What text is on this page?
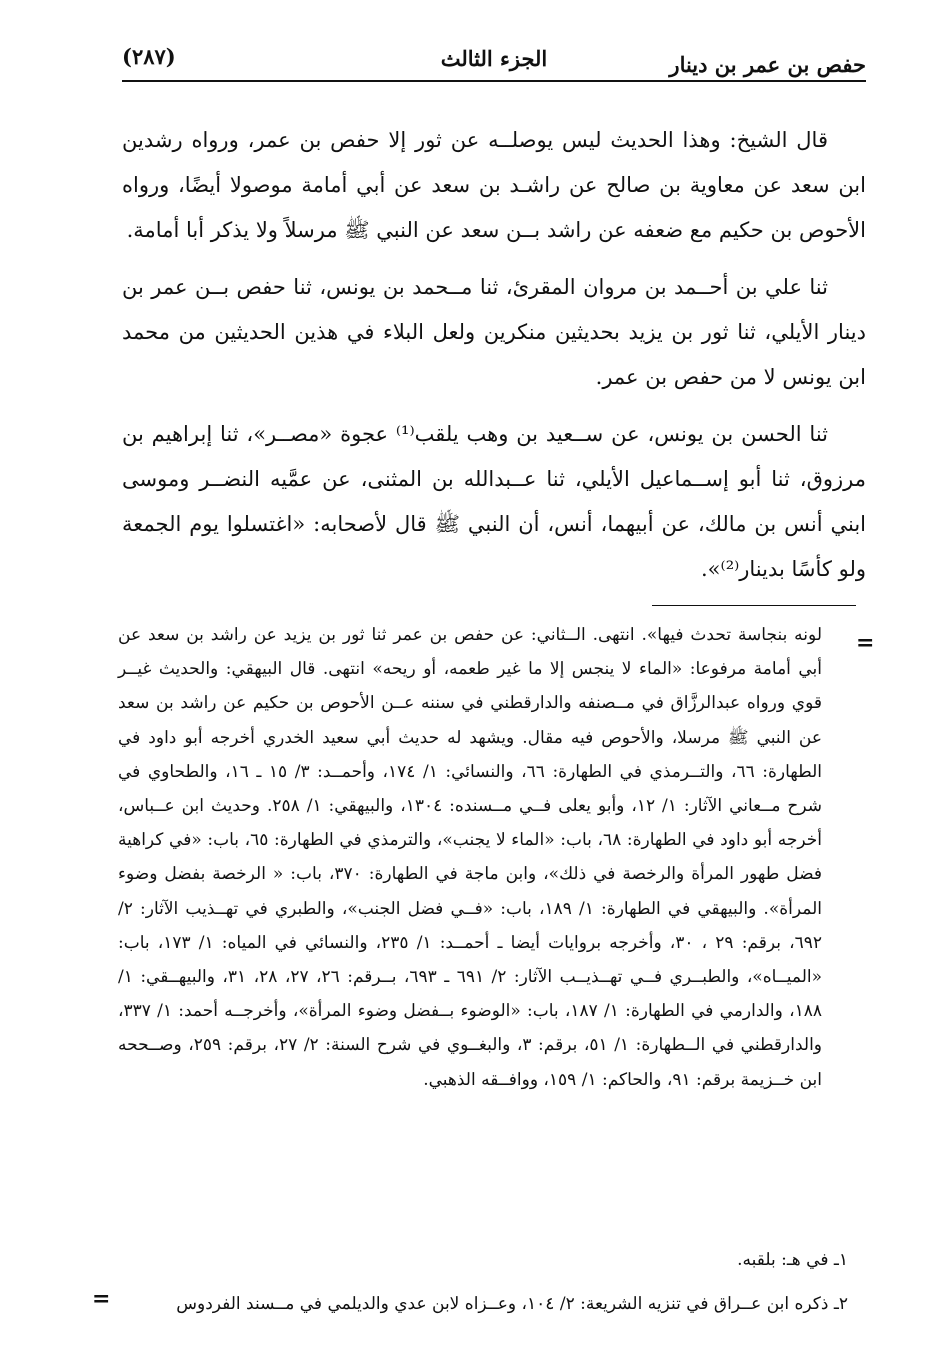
حفص بن عمر بن دينار
الجزء الثالث
(٢٨٧)

قال الشيخ: وهذا الحديث ليس يوصلــه عن ثور إلا حفص بن عمر، ورواه رشدين ابن سعد عن معاوية بن صالح عن راشـد بن سعد عن أبي أمامة موصولا أيضًا، ورواه الأحوص بن حكيم مع ضعفه عن راشد بــن سعد عن النبي ﷺ مرسلاً ولا يذكر أبا أمامة.

ثنا علي بن أحــمد بن مروان المقرئ، ثنا مــحمد بن يونس، ثنا حفص بــن عمر بن دينار الأيلي، ثنا ثور بن يزيد بحديثين منكرين ولعل البلاء في هذين الحديثين من محمد ابن يونس لا من حفص بن عمر.

ثنا الحسن بن يونس، عن ســعيد بن وهب يلقب⁽¹⁾ عجوة «مصــر»، ثنا إبراهيم بن مرزوق، ثنا أبو إســماعيل الأيلي، ثنا عــبدالله بن المثنى، عن عمَّيه النضــر وموسى ابني أنس بن مالك، عن أبيهما، أنس، أن النبي ﷺ قال لأصحابه: «اغتسلوا يوم الجمعة ولو كأسًا بدينار⁽²⁾».

=

لونه بنجاسة تحدث فيها». انتهى. الــثاني: عن حفص بن عمر ثنا ثور بن يزيد عن راشد بن سعد عن أبي أمامة مرفوعا: «الماء لا ينجس إلا ما غير طعمه، أو ريحه» انتهى. قال البيهقي: والحديث غيــر قوي ورواه عبدالرزَّاق في مــصنفه والدارقطني في سننه عــن الأحوص بن حكيم عن راشد بن سعد عن النبي ﷺ مرسلا، والأحوص فيه مقال. ويشهد له حديث أبي سعيد الخدري أخرجه أبو داود في الطهارة: ٦٦، والتــرمذي في الطهارة: ٦٦، والنسائي: ١/ ١٧٤، وأحمــد: ٣/ ١٥ ـ ١٦، والطحاوي في شرح مــعاني الآثار: ١/ ١٢، وأبو يعلى فــي مــسنده: ١٣٠٤، والبيهقي: ١/ ٢٥٨. وحديث ابن عــباس، أخرجه أبو داود في الطهارة: ٦٨، باب: «الماء لا يجنب»، والترمذي في الطهارة: ٦٥، باب: «في كراهية فضل طهور المرأة والرخصة في ذلك»، وابن ماجة في الطهارة: ٣٧٠، باب: « الرخصة بفضل وضوء المرأة». والبيهقي في الطهارة: ١/ ١٨٩، باب: «فــي فضل الجنب»، والطبري في تهــذيب الآثار: ٢/ ٦٩٢، برقم: ٢٩ ، ٣٠، وأخرجه بروايات أيضا ـ أحمــد: ١/ ٢٣٥، والنسائي في المياه: ١/ ١٧٣، باب: «الميــاه»، والطبــري فــي تهــذيــب الآثار: ٢/ ٦٩١ ـ ٦٩٣، بــرقم: ٢٦، ٢٧، ٢٨، ٣١، والبيهــقي: ١/ ١٨٨، والدارمي في الطهارة: ١/ ١٨٧، باب: «الوضوء بــفضل وضوء المرأة»، وأخرجــه أحمد: ١/ ٣٣٧، والدارقطني في الــطهارة: ١/ ٥١، برقم: ٣، والبغــوي في شرح السنة: ٢/ ٢٧، برقم: ٢٥٩، وصــححه ابن خــزيمة برقم: ٩١، والحاكم: ١/ ١٥٩، ووافــقه الذهبي.

١ـ في هـ: بلقبه.

٢ـ ذكره ابن عــراق في تنزيه الشريعة: ٢/ ١٠٤، وعــزاه لابن عدي والديلمي في مــسند الفردوس

=
